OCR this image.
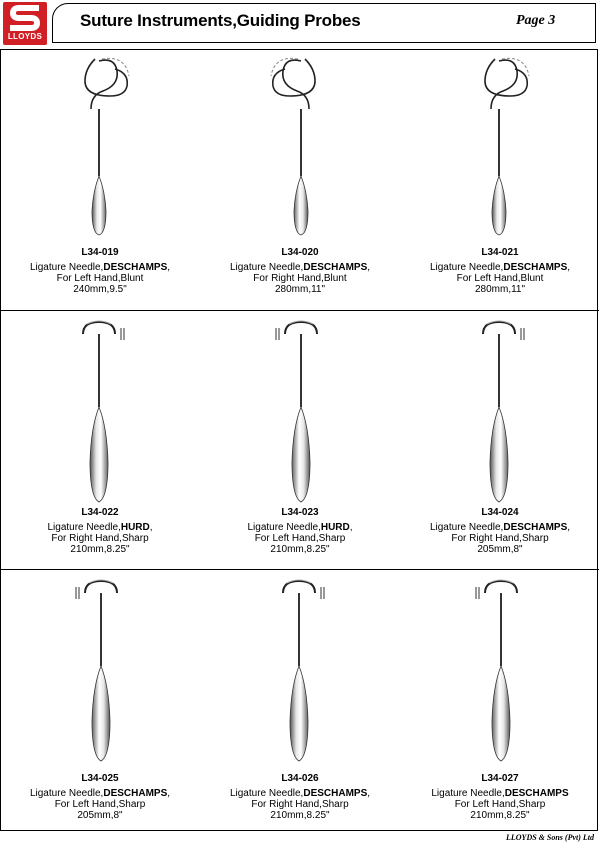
LLOYDS
Suture Instruments,Guiding Probes	Page 3
L34-019
Ligature Needle,DESCHAMPS,
For Left Hand,Blunt
240mm,9.5"
L34-020
Ligature Needle,DESCHAMPS,
For Right Hand,Blunt
280mm,11"
L34-021
Ligature Needle,DESCHAMPS,
For Left Hand,Blunt
280mm,11"
L34-022
Ligature Needle,HURD,
For Right Hand,Sharp
210mm,8.25"
L34-023
Ligature Needle,HURD,
For Left Hand,Sharp
210mm,8.25"
L34-024
Ligature Needle,DESCHAMPS,
For Right Hand,Sharp
205mm,8"
L34-025
Ligature Needle,DESCHAMPS,
For Left Hand,Sharp
205mm,8"
L34-026
Ligature Needle,DESCHAMPS,
For Right Hand,Sharp
210mm,8.25"
L34-027
Ligature Needle,DESCHAMPS
For Left Hand,Sharp
210mm,8.25"
LLOYDS & Sons (Pvt) Ltd
